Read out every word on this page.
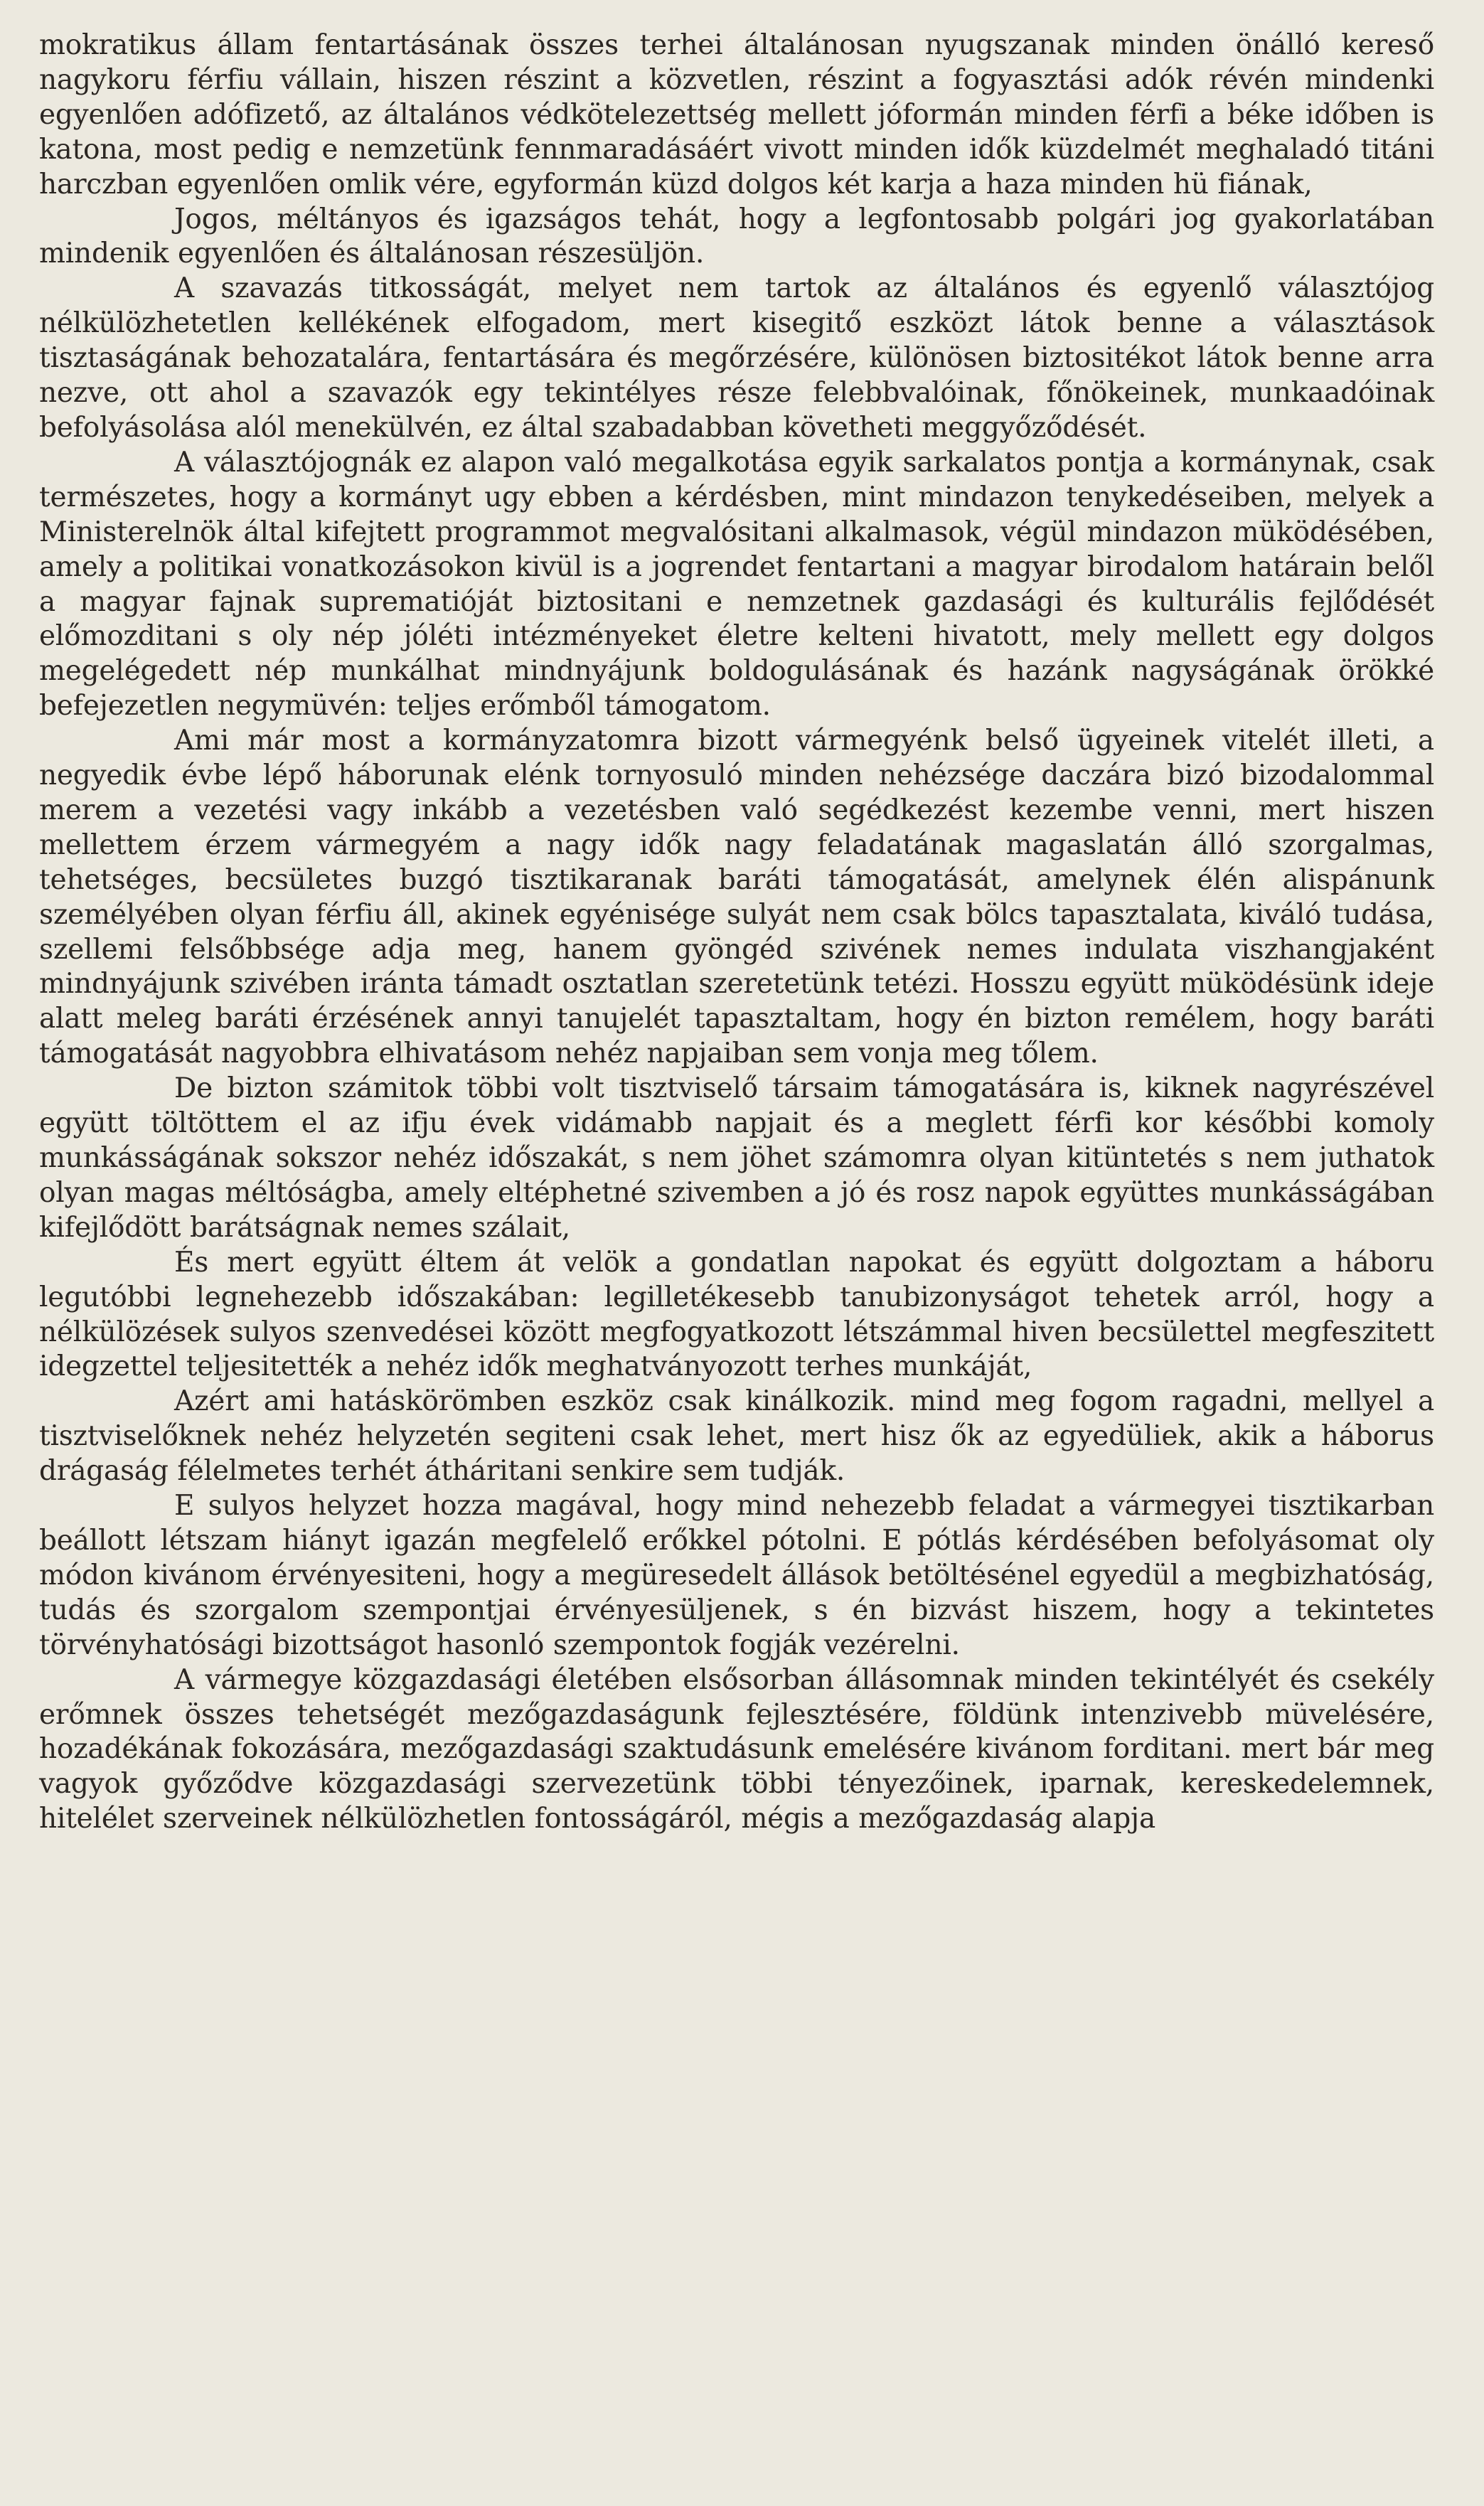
mokratikus állam fentartásának összes terhei általánosan nyugszanak minden önálló kereső nagykoru férfiu vállain, hiszen részint a közvetlen, részint a fogyasztási adók révén mindenki egyenlően adófizető, az általános védkötelezettség mellett jóformán minden férfi a béke időben is katona, most pedig e nemzetünk fennmaradásáért vivott minden idők küzdelmét meghaladó titáni harczban egyenlően omlik vére, egyformán küzd dolgos két karja a haza minden hü fiának,

Jogos, méltányos és igazságos tehát, hogy a legfontosabb polgári jog gyakorlatában mindenik egyenlően és általánosan részesüljön.

A szavazás titkosságát, melyet nem tartok az általános és egyenlő választójog nélkülözhetetlen kellékének elfogadom, mert kisegitő eszközt látok benne a választások tisztaságának behozatalára, fentartására és megőrzésére, különösen biztositékot látok benne arra nezve, ott ahol a szavazók egy tekintélyes része felebbvalóinak, főnökeinek, munkaadóinak befolyásolása alól menekülvén, ez által szabadabban követheti meggyőződését.

A választójognák ez alapon való megalkotása egyik sarkalatos pontja a kormánynak, csak természetes, hogy a kormányt ugy ebben a kérdésben, mint mindazon tenykedéseiben, melyek a Ministerelnök által kifejtett programmot megvalósitani alkalmasok, végül mindazon müködésében, amely a politikai vonatkozásokon kivül is a jogrendet fentartani a magyar birodalom határain belől a magyar fajnak suprematióját biztositani e nemzetnek gazdasági és kulturális fejlődését előmozditani s oly nép jóléti intézményeket életre kelteni hivatott, mely mellett egy dolgos megelégedett nép munkálhat mindnyájunk boldogulásának és hazánk nagyságának örökké befejezetlen negymüvén: teljes erőmből támogatom.

Ami már most a kormányzatomra bizott vármegyénk belső ügyeinek vitelét illeti, a negyedik évbe lépő háborunak elénk tornyosuló minden nehézsége daczára bizó bizodalommal merem a vezetési vagy inkább a vezetésben való segédkezést kezembe venni, mert hiszen mellettem érzem vármegyém a nagy idők nagy feladatának magaslatán álló szorgalmas, tehetséges, becsületes buzgó tisztikaranak baráti támogatását, amelynek élén alispánunk személyében olyan férfiu áll, akinek egyénisége sulyát nem csak bölcs tapasztalata, kiváló tudása, szellemi felsőbbsége adja meg, hanem gyöngéd szivének nemes indulata viszhangjaként mindnyájunk szivében iránta támadt osztatlan szeretetünk tetézi. Hosszu együtt müködésünk ideje alatt meleg baráti érzésének annyi tanujelét tapasztaltam, hogy én bizton remélem, hogy baráti támogatását nagyobbra elhivatásom nehéz napjaiban sem vonja meg tőlem.

De bizton számitok többi volt tisztviselő társaim támogatására is, kiknek nagyrészével együtt töltöttem el az ifju évek vidámabb napjait és a meglett férfi kor későbbi komoly munkásságának sokszor nehéz időszakát, s nem jöhet számomra olyan kitüntetés s nem juthatok olyan magas méltóságba, amely eltéphetné szivemben a jó és rosz napok együttes munkásságában kifejlődött barátságnak nemes szálait,

És mert együtt éltem át velök a gondatlan napokat és együtt dolgoztam a háboru legutóbbi legnehezebb időszakában: legilletékesebb tanubizonyságot tehetek arról, hogy a nélkülözések sulyos szenvedései között megfogyatkozott létszámmal hiven becsülettel megfeszitett idegzettel teljesitették a nehéz idők meghatványozott terhes munkáját,

Azért ami hatáskörömben eszköz csak kinálkozik. mind meg fogom ragadni, mellyel a tisztviselőknek nehéz helyzetén segiteni csak lehet, mert hisz ők az egyedüliek, akik a háborus drágaság félelmetes terhét átháritani senkire sem tudják.

E sulyos helyzet hozza magával, hogy mind nehezebb feladat a vármegyei tisztikarban beállott létszam hiányt igazán megfelelő erőkkel pótolni. E pótlás kérdésében befolyásomat oly módon kivánom érvényesiteni, hogy a megüresedelt állások betöltésénel egyedül a megbizhatóság, tudás és szorgalom szempontjai érvényesüljenek, s én bizvást hiszem, hogy a tekintetes törvényhatósági bizottságot hasonló szempontok fogják vezérelni.

A vármegye közgazdasági életében elsősorban állásomnak minden tekintélyét és csekély erőmnek összes tehetségét mezőgazdaságunk fejlesztésére, földünk intenzivebb müvelésére, hozadékának fokozására, mezőgazdasági szaktudásunk emelésére kivánom forditani. mert bár meg vagyok győződve közgazdasági szervezetünk többi tényezőinek, iparnak, kereskedelemnek, hitelélet szerveinek nélkülözhetlen fontosságáról, mégis a mezőgazdaság alapja
